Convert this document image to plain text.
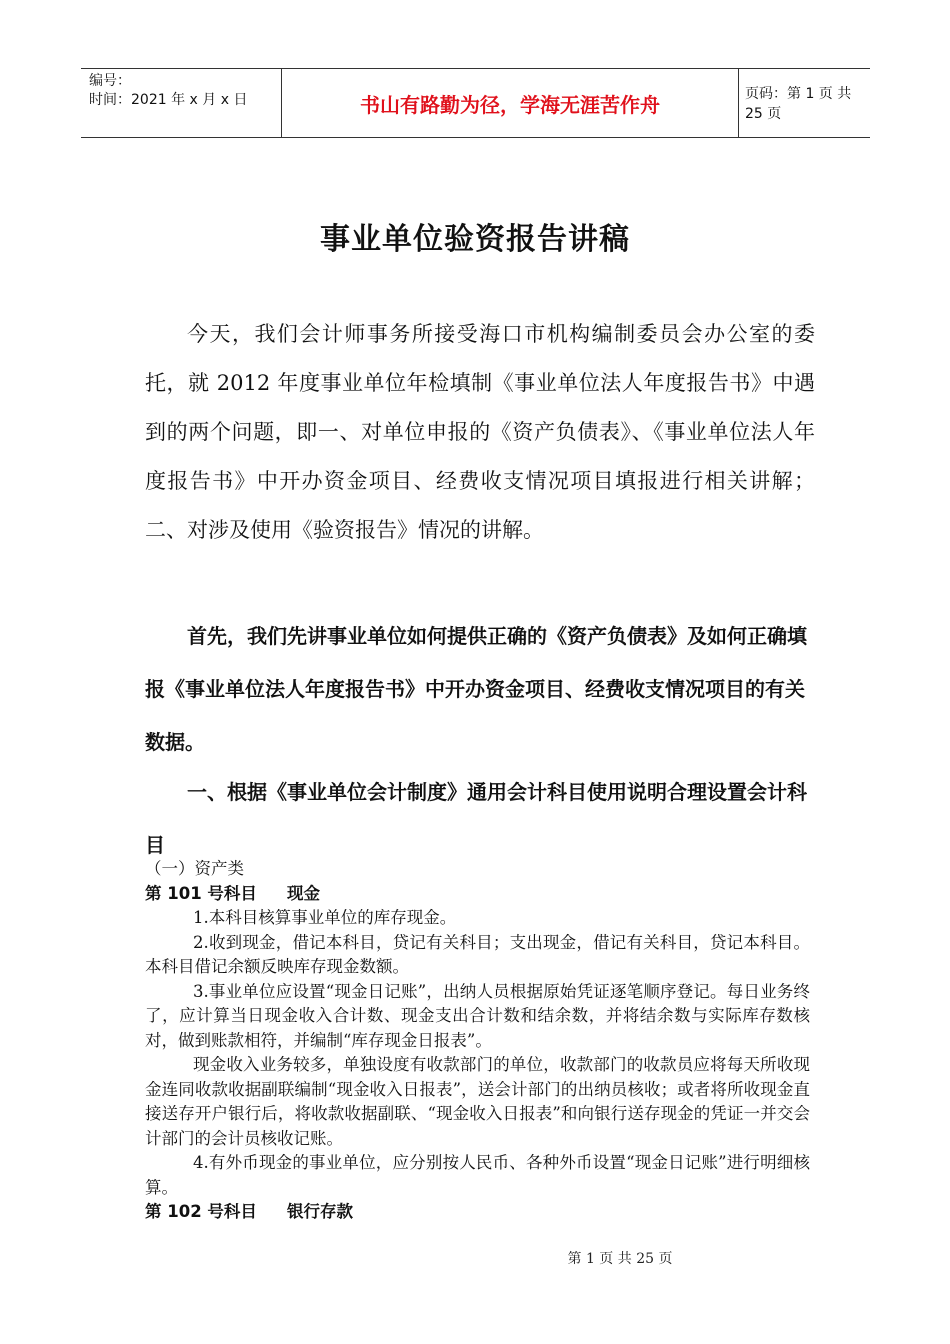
编号：
时间：2021 年 x 月 x 日	书山有路勤为径，学海无涯苦作舟	页码：第 1 页 共 25 页
事业单位验资报告讲稿

今天，我们会计师事务所接受海口市机构编制委员会办公室的委托，就 2012 年度事业单位年检填制《事业单位法人年度报告书》中遇到的两个问题，即一、对单位申报的《资产负债表》、《事业单位法人年度报告书》中开办资金项目、经费收支情况项目填报进行相关讲解；二、对涉及使用《验资报告》情况的讲解。

首先，我们先讲事业单位如何提供正确的《资产负债表》及如何正确填报《事业单位法人年度报告书》中开办资金项目、经费收支情况项目的有关数据。

一、根据《事业单位会计制度》通用会计科目使用说明合理设置会计科目

（一）资产类

第 101 号科目 现金

1.本科目核算事业单位的库存现金。

2.收到现金，借记本科目，贷记有关科目；支出现金，借记有关科目，贷记本科目。本科目借记余额反映库存现金数额。

3.事业单位应设置“现金日记账”，出纳人员根据原始凭证逐笔顺序登记。每日业务终了，应计算当日现金收入合计数、现金支出合计数和结余数，并将结余数与实际库存数核对，做到账款相符，并编制“库存现金日报表”。

现金收入业务较多，单独设度有收款部门的单位，收款部门的收款员应将每天所收现金连同收款收据副联编制“现金收入日报表”，送会计部门的出纳员核收；或者将所收现金直接送存开户银行后，将收款收据副联、“现金收入日报表”和向银行送存现金的凭证一并交会计部门的会计员核收记账。

4.有外币现金的事业单位，应分别按人民币、各种外币设置“现金日记账”进行明细核算。

第 102 号科目 银行存款

第 1 页 共 25 页
